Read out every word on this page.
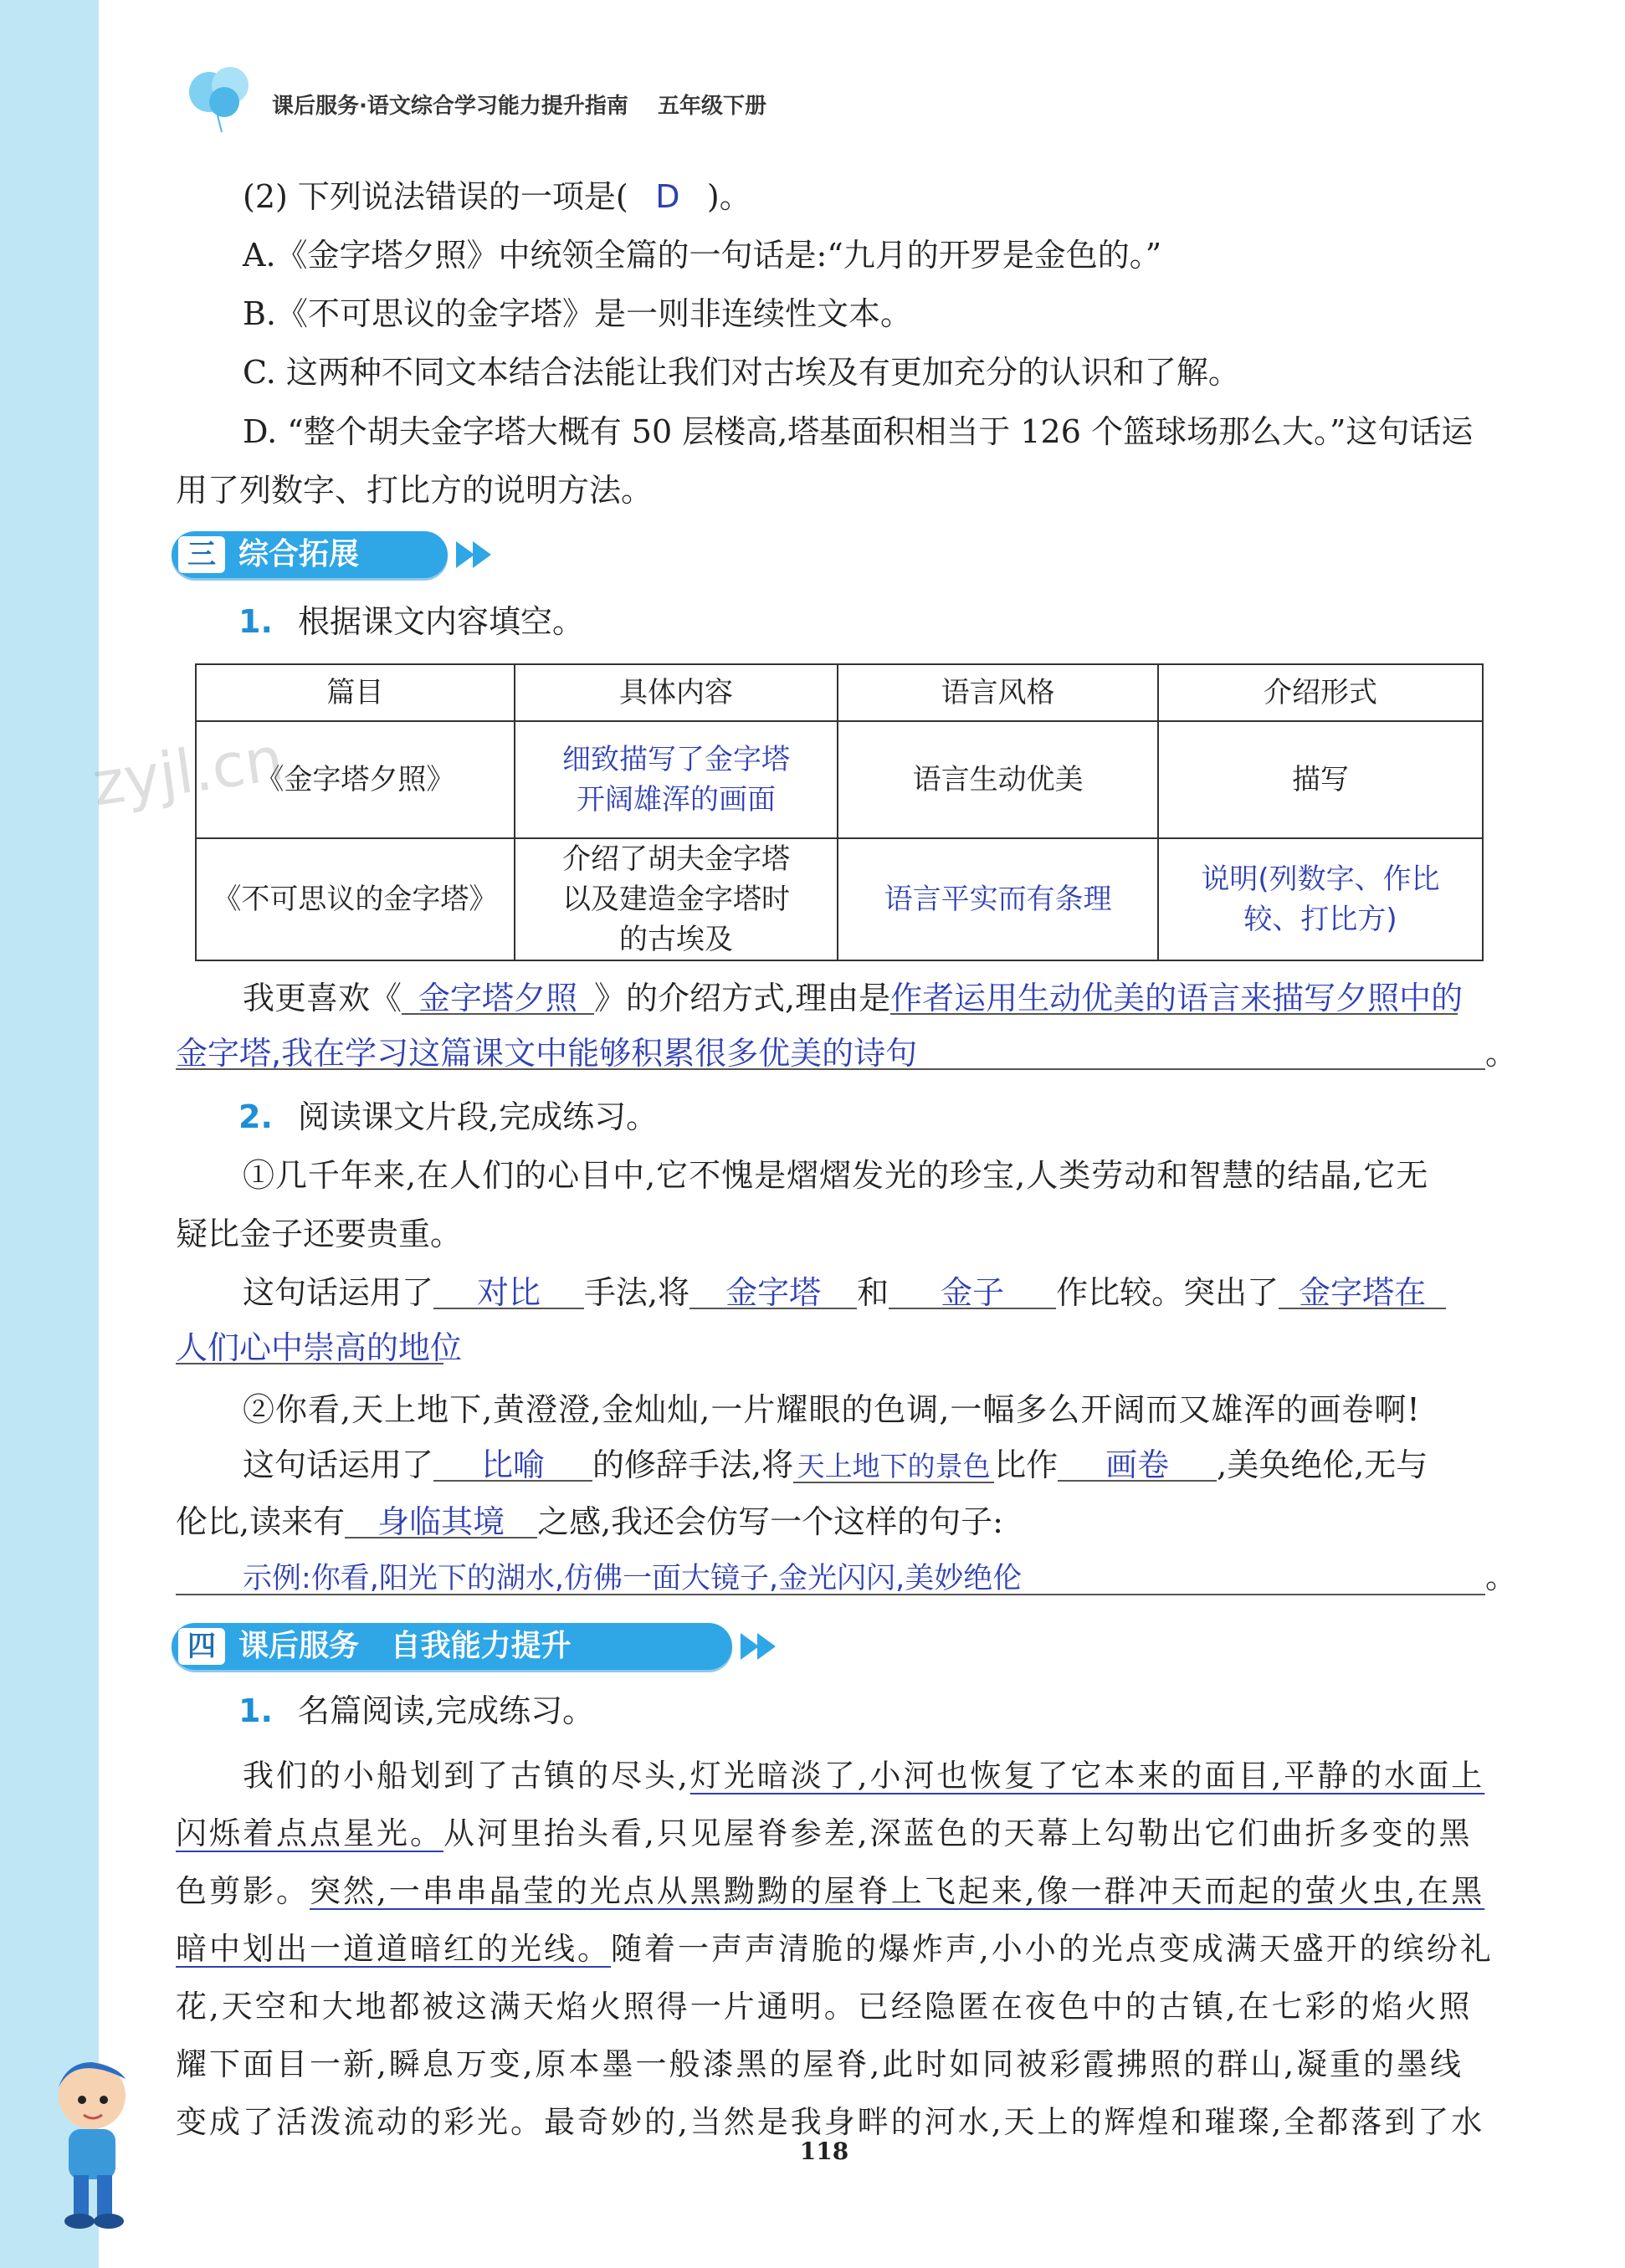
课后服务·语文综合学习能力提升指南 五年级下册
(2) 下列说法错误的一项是( D )。
A.《金字塔夕照》中统领全篇的一句话是:“九月的开罗是金色的。”
B.《不可思议的金字塔》是一则非连续性文本。
C. 这两种不同文本结合法能让我们对古埃及有更加充分的认识和了解。
D. “整个胡夫金字塔大概有 50 层楼高,塔基面积相当于 126 个篮球场那么大。”这句话运
用了列数字、打比方的说明方法。
三 综合拓展
1. 根据课文内容填空。
篇目	具体内容	语言风格	介绍形式
《金字塔夕照》	细致描写了金字塔开阔雄浑的画面	语言生动优美	描写
《不可思议的金字塔》	介绍了胡夫金字塔以及建造金字塔时的古埃及	语言平实而有条理	说明(列数字、作比较、打比方)
zyjl.cn
我更喜欢《 金字塔夕照 》的介绍方式,理由是作者运用生动优美的语言来描写夕照中的
金字塔,我在学习这篇课文中能够积累很多优美的诗句	。
2. 阅读课文片段,完成练习。
①几千年来,在人们的心目中,它不愧是熠熠发光的珍宝,人类劳动和智慧的结晶,它无
疑比金子还要贵重。
这句话运用了 对比 手法,将 金字塔 和 金子 作比较。突出了 金字塔在
人们心中崇高的地位
②你看,天上地下,黄澄澄,金灿灿,一片耀眼的色调,一幅多么开阔而又雄浑的画卷啊!
这句话运用了 比喻 的修辞手法,将 天上地下的景色 比作 画卷 ,美奂绝伦,无与
伦比,读来有 身临其境 之感,我还会仿写一个这样的句子:
示例:你看,阳光下的湖水,仿佛一面大镜子,金光闪闪,美妙绝伦	。
四 课后服务   自我能力提升
1. 名篇阅读,完成练习。
我们的小船划到了古镇的尽头,灯光暗淡了,小河也恢复了它本来的面目,平静的水面上
闪烁着点点星光。从河里抬头看,只见屋脊参差,深蓝色的天幕上勾勒出它们曲折多变的黑
色剪影。突然,一串串晶莹的光点从黑黝黝的屋脊上飞起来,像一群冲天而起的萤火虫,在黑
暗中划出一道道暗红的光线。随着一声声清脆的爆炸声,小小的光点变成满天盛开的缤纷礼
花,天空和大地都被这满天焰火照得一片通明。已经隐匿在夜色中的古镇,在七彩的焰火照
耀下面目一新,瞬息万变,原本墨一般漆黑的屋脊,此时如同被彩霞拂照的群山,凝重的墨线
变成了活泼流动的彩光。最奇妙的,当然是我身畔的河水,天上的辉煌和璀璨,全都落到了水
118
